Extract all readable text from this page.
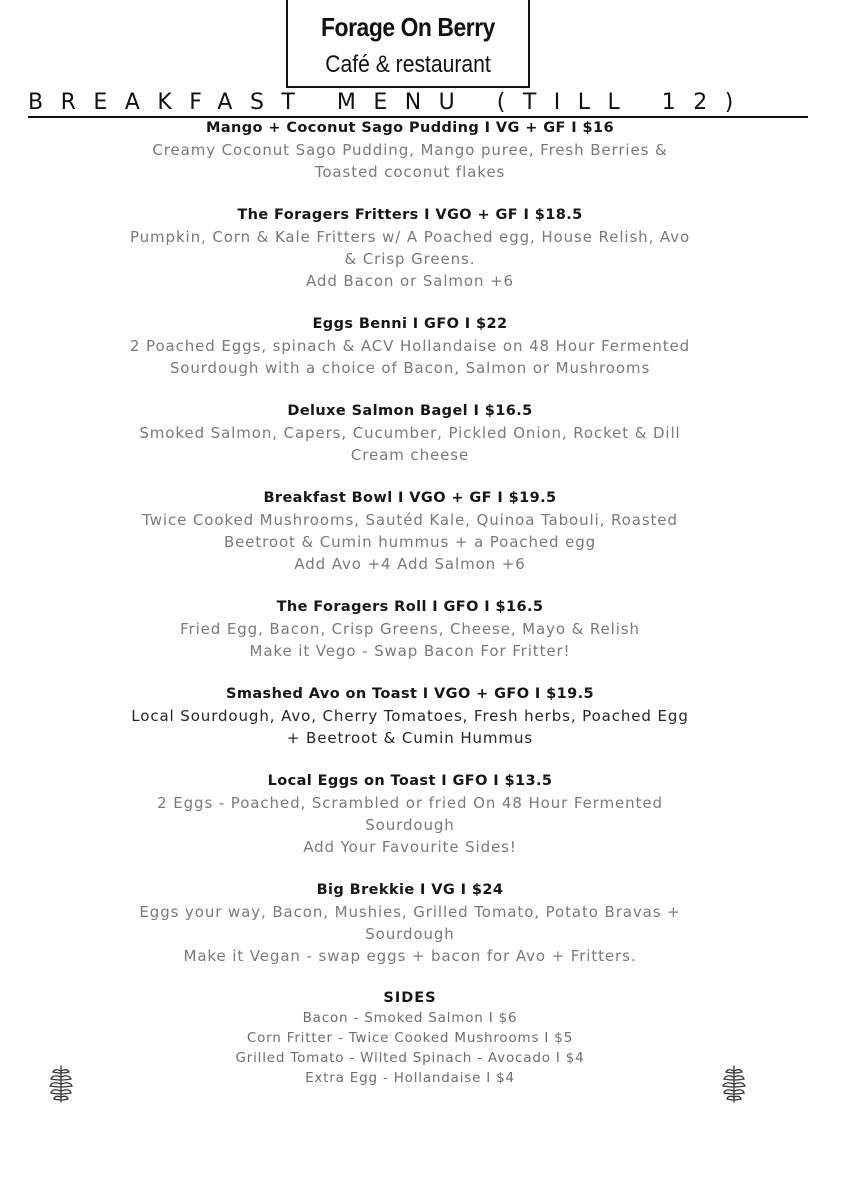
Forage On Berry
Café & restaurant
BREAKFAST MENU (TILL 12)
Mango + Coconut Sago Pudding I VG + GF I $16
Creamy Coconut Sago Pudding, Mango puree, Fresh Berries &
Toasted coconut flakes
The Foragers Fritters I VGO + GF I $18.5
Pumpkin, Corn & Kale Fritters w/ A Poached egg, House Relish, Avo
& Crisp Greens.
Add Bacon or Salmon +6
Eggs Benni I GFO I $22
2 Poached Eggs, spinach & ACV Hollandaise on 48 Hour Fermented
Sourdough with a choice of Bacon, Salmon or Mushrooms
Deluxe Salmon Bagel I $16.5
Smoked Salmon, Capers, Cucumber, Pickled Onion, Rocket & Dill
Cream cheese
Breakfast Bowl I VGO + GF I $19.5
Twice Cooked Mushrooms, Sautéd Kale, Quinoa Tabouli, Roasted
Beetroot & Cumin hummus + a Poached egg
Add Avo +4 Add Salmon +6
The Foragers Roll I GFO I $16.5
Fried Egg, Bacon, Crisp Greens, Cheese, Mayo & Relish
Make it Vego - Swap Bacon For Fritter!
Smashed Avo on Toast I VGO + GFO I $19.5
Local Sourdough, Avo, Cherry Tomatoes, Fresh herbs, Poached Egg
+ Beetroot & Cumin Hummus
Local Eggs on Toast I GFO I $13.5
2 Eggs - Poached, Scrambled or fried On 48 Hour Fermented
Sourdough
Add Your Favourite Sides!
Big Brekkie I VG I $24
Eggs your way, Bacon, Mushies, Grilled Tomato, Potato Bravas +
Sourdough
Make it Vegan - swap eggs + bacon for Avo + Fritters.
SIDES
Bacon - Smoked Salmon I $6
Corn Fritter - Twice Cooked Mushrooms I $5
Grilled Tomato - Wilted Spinach - Avocado I $4
Extra Egg - Hollandaise I $4
